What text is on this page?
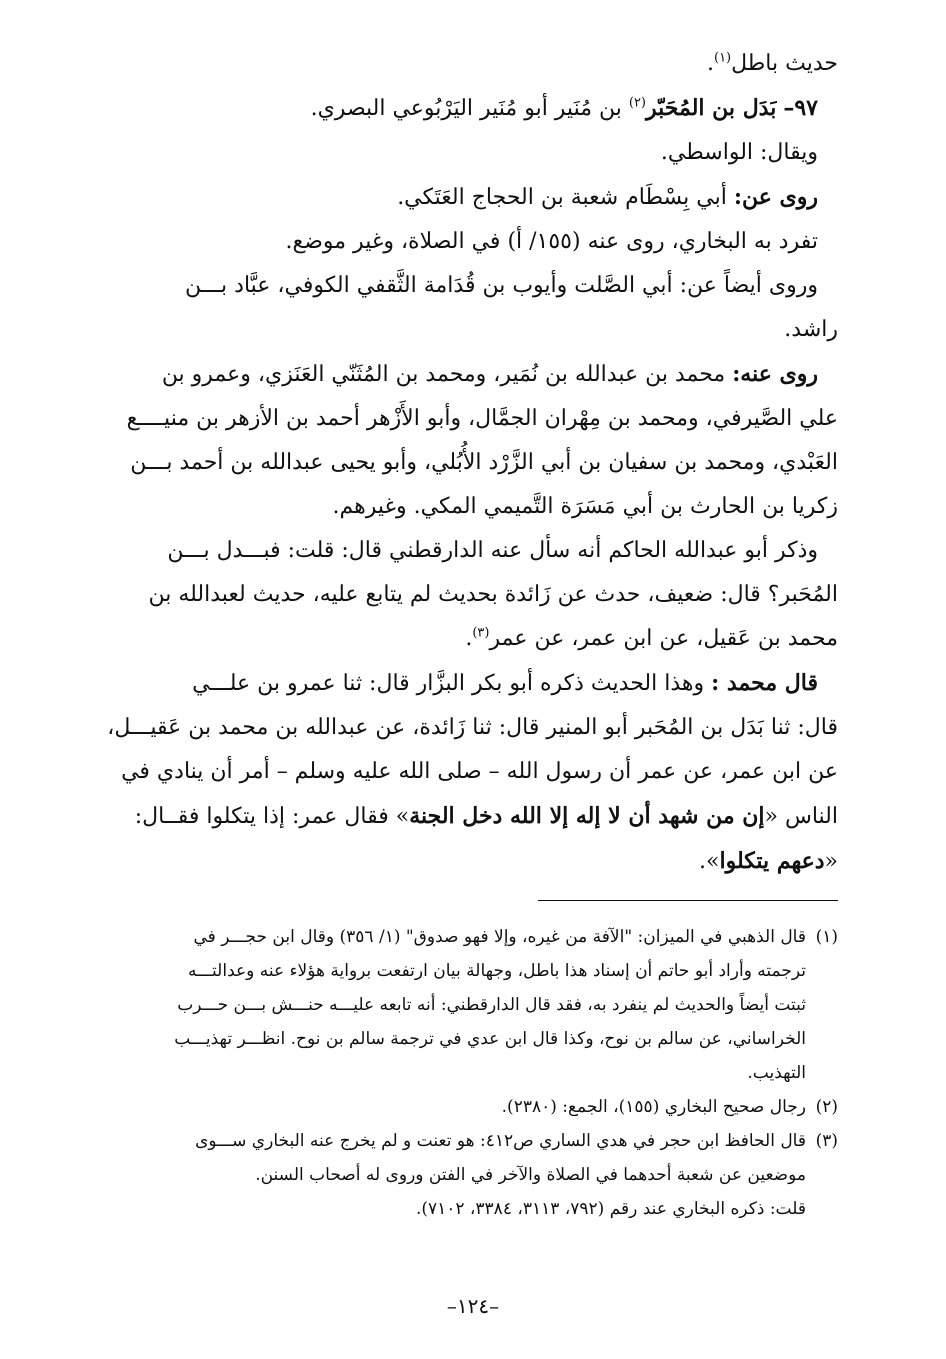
حديث باطل$^{(١)}$.
٩٧– بَدَل بن المُحَبّر$^{(٢)}$ بن مُنَير أبو مُنَير اليَرْبُوعي البصري.
ويقال: الواسطي.
روى عن: أبي بِسْطَام شعبة بن الحجاج العَتَكي.
تفرد به البخاري، روى عنه (١٥٥/ أ) في الصلاة، وغير موضع.
وروى أيضاً عن: أبي الصَّلت وأيوب بن قُدَامة الثَّقفي الكوفي، عبَّاد بـــن
راشد.
روى عنه: محمد بن عبدالله بن نُمَير، ومحمد بن المُثَنّي العَنَزي، وعمرو بن
علي الصَّيرفي، ومحمد بن مِهْران الجمَّال، وأبو الأَزْهر أحمد بن الأزهر بن منيــــع
العَبْدي، ومحمد بن سفيان بن أبي الزَّرْد الأُبُلي، وأبو يحيى عبدالله بن أحمد بـــن
زكريا بن الحارث بن أبي مَسَرَة التَّميمي المكي. وغيرهم.
وذكر أبو عبدالله الحاكم أنه سأل عنه الدارقطني قال: قلت: فبـــدل بـــن
المُحَبر؟ قال: ضعيف، حدث عن زَائدة بحديث لم يتابع عليه، حديث لعبدالله بن
محمد بن عَقيل، عن ابن عمر، عن عمر$^{(٣)}$.
قال محمد : وهذا الحديث ذكره أبو بكر البزَّار قال: ثنا عمرو بن علـــي
قال: ثنا بَدَل بن المُحَبر أبو المنير قال: ثنا زَائدة، عن عبدالله بن محمد بن عَقيـــل،
عن ابن عمر، عن عمر أن رسول الله – صلى الله عليه وسلم – أمر أن ينادي في
الناس «إن من شهد أن لا إله إلا الله دخل الجنة» فقال عمر: إذا يتكلوا فقــال:
«دعهم يتكلوا».
(١)قال الذهبي في الميزان: "الآفة من غيره، وإلا فهو صدوق" (١/ ٣٥٦) وقال ابن حجـــر في
ترجمته وأراد أبو حاتم أن إسناد هذا باطل، وجهالة بيان ارتفعت برواية هؤلاء عنه وعدالتـــه
ثبتت أيضاً والحديث لم ينفرد به، فقد قال الدارقطني: أنه تابعه عليـــه حنـــش بـــن حـــرب
الخراساني، عن سالم بن نوح، وكذا قال ابن عدي في ترجمة سالم بن نوح. انظـــر تهذيـــب
التهذيب.
(٢)رجال صحيح البخاري (١٥٥)، الجمع: (٢٣٨٠).
(٣)قال الحافظ ابن حجر في هدي الساري ص٤١٢: هو تعنت و لم يخرج عنه البخاري ســـوى
موضعين عن شعبة أحدهما في الصلاة والآخر في الفتن وروى له أصحاب السنن.
قلت: ذكره البخاري عند رقم (٧٩٢، ٣١١٣، ٣٣٨٤، ٧١٠٢).
–١٢٤–
